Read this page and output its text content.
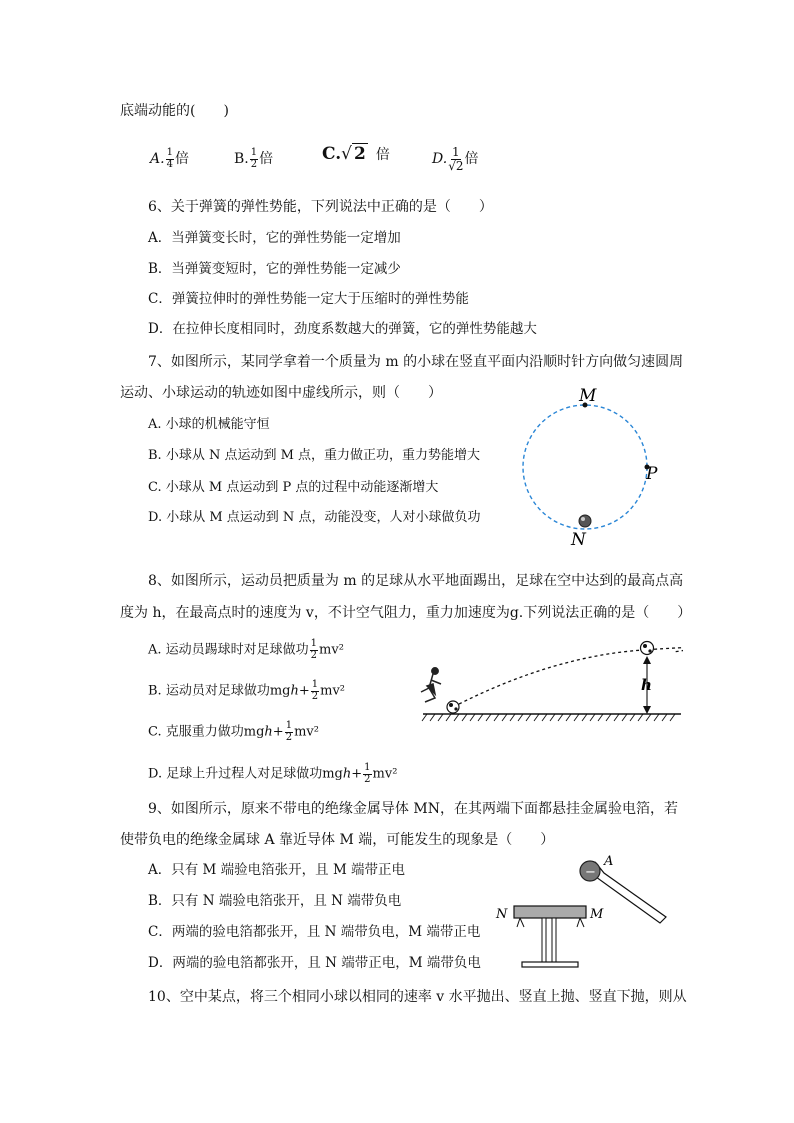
底端动能的(　　)
A. $\frac{1}{4}$ 倍	B. $\frac{1}{2}$ 倍	C.√ 2 倍	D. $\frac{1}{√2}$ 倍
6、关于弹簧的弹性势能，下列说法中正确的是（　　）
A．当弹簧变长时，它的弹性势能一定增加
B．当弹簧变短时，它的弹性势能一定减少
C．弹簧拉伸时的弹性势能一定大于压缩时的弹性势能
D．在拉伸长度相同时，劲度系数越大的弹簧，它的弹性势能越大
7、如图所示，某同学拿着一个质量为 m 的小球在竖直平面内沿顺时针方向做匀速圆周
运动、小球运动的轨迹如图中虚线所示，则（　　）
A. 小球的机械能守恒
B. 小球从 N 点运动到 M 点，重力做正功，重力势能增大
C. 小球从 M 点运动到 P 点的过程中动能逐渐增大
D. 小球从 M 点运动到 N 点，动能没变，人对小球做负功
M
P
N
8、如图所示，运动员把质量为 m 的足球从水平地面踢出，足球在空中达到的最高点高
度为 h，在最高点时的速度为 v，不计空气阻力，重力加速度为g.下列说法正确的是（　　）
A. 运动员踢球时对足球做功 $\frac{1}{2} mv^2$
B. 运动员对足球做功$mgh+ \frac{1}{2} mv^2$
C. 克服重力做功$mgh+ \frac{1}{2} mv^2$
D. 足球上升过程人对足球做功$mgh+ \frac{1}{2} mv^2$
h
9、如图所示，原来不带电的绝缘金属导体 MN，在其两端下面都悬挂金属验电箔，若
使带负电的绝缘金属球 A 靠近导体 M 端，可能发生的现象是（　　）
A．只有 M 端验电箔张开，且 M 端带正电
B．只有 N 端验电箔张开，且 N 端带负电
C．两端的验电箔都张开，且 N 端带负电，M 端带正电
D．两端的验电箔都张开，且 N 端带正电，M 端带负电
−
A
N	M
10、空中某点，将三个相同小球以相同的速率 v 水平抛出、竖直上抛、竖直下抛，则从
